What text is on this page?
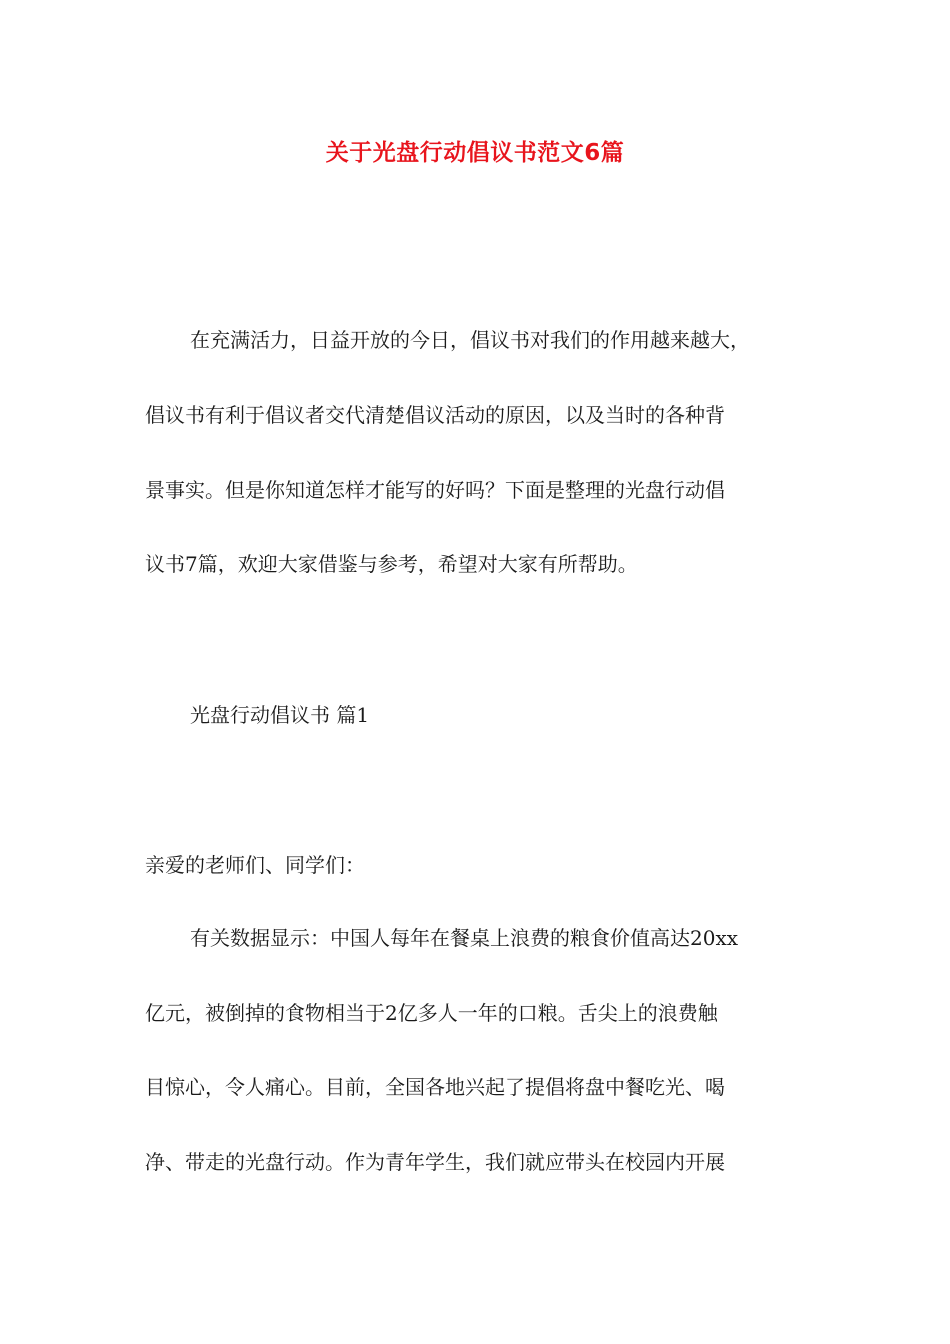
关于光盘行动倡议书范文6篇
在充满活力，日益开放的今日，倡议书对我们的作用越来越大，
倡议书有利于倡议者交代清楚倡议活动的原因，以及当时的各种背
景事实。但是你知道怎样才能写的好吗？下面是整理的光盘行动倡
议书7篇，欢迎大家借鉴与参考，希望对大家有所帮助。
光盘行动倡议书 篇1
亲爱的老师们、同学们：
有关数据显示：中国人每年在餐桌上浪费的粮食价值高达20xx
亿元，被倒掉的食物相当于2亿多人一年的口粮。舌尖上的浪费触
目惊心，令人痛心。目前，全国各地兴起了提倡将盘中餐吃光、喝
净、带走的光盘行动。作为青年学生，我们就应带头在校园内开展
